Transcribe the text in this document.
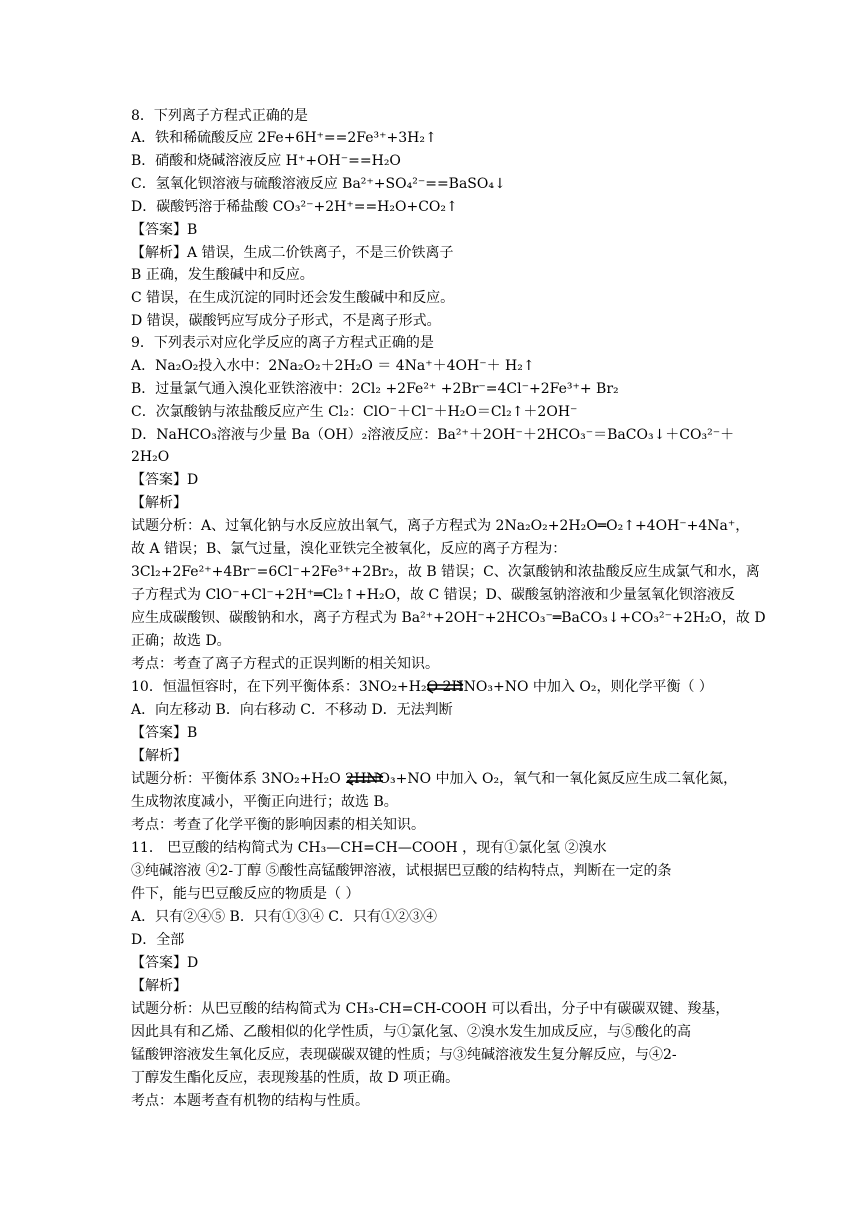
8．下列离子方程式正确的是
A．铁和稀硫酸反应 2Fe+6H⁺==2Fe³⁺+3H₂↑
B．硝酸和烧碱溶液反应 H⁺+OH⁻==H₂O
C．氢氧化钡溶液与硫酸溶液反应 Ba²⁺+SO₄²⁻==BaSO₄↓
D．碳酸钙溶于稀盐酸 CO₃²⁻+2H⁺==H₂O+CO₂↑
【答案】B
【解析】A 错误，生成二价铁离子，不是三价铁离子
B 正确，发生酸碱中和反应。
C 错误，在生成沉淀的同时还会发生酸碱中和反应。
D 错误，碳酸钙应写成分子形式，不是离子形式。
9．下列表示对应化学反应的离子方程式正确的是
A．Na₂O₂投入水中：2Na₂O₂＋2H₂O ＝ 4Na⁺＋4OH⁻＋ H₂↑
B．过量氯气通入溴化亚铁溶液中：2Cl₂ +2Fe²⁺ +2Br⁻=4Cl⁻+2Fe³⁺+ Br₂
C．次氯酸钠与浓盐酸反应产生 Cl₂：ClO⁻＋Cl⁻＋H₂O＝Cl₂↑＋2OH⁻
D．NaHCO₃溶液与少量 Ba（OH）₂溶液反应：Ba²⁺＋2OH⁻＋2HCO₃⁻＝BaCO₃↓＋CO₃²⁻＋
2H₂O
【答案】D
【解析】
试题分析：A、过氧化钠与水反应放出氧气，离子方程式为 2Na₂O₂+2H₂O═O₂↑+4OH⁻+4Na⁺，
故 A 错误；B、氯气过量，溴化亚铁完全被氧化，反应的离子方程为：
3Cl₂+2Fe²⁺+4Br⁻=6Cl⁻+2Fe³⁺+2Br₂，故 B 错误；C、次氯酸钠和浓盐酸反应生成氯气和水，离
子方程式为 ClO⁻+Cl⁻+2H⁺═Cl₂↑+H₂O，故 C 错误；D、碳酸氢钠溶液和少量氢氧化钡溶液反
应生成碳酸钡、碳酸钠和水，离子方程式为 Ba²⁺+2OH⁻+2HCO₃⁻═BaCO₃↓+CO₃²⁻+2H₂O，故 D
正确；故选 D。
考点：考查了离子方程式的正误判断的相关知识。
10．恒温恒容时，在下列平衡体系：3NO₂+H₂O 2HNO₃+NO 中加入 O₂，则化学平衡（ ）
A．向左移动 B．向右移动 C．不移动 D．无法判断
【答案】B
【解析】
试题分析：平衡体系 3NO₂+H₂O 2HNO₃+NO 中加入 O₂，氧气和一氧化氮反应生成二氧化氮，
生成物浓度减小，平衡正向进行；故选 B。
考点：考查了化学平衡的影响因素的相关知识。
11． 巴豆酸的结构简式为 CH₃—CH=CH—COOH ，现有①氯化氢 ②溴水
③纯碱溶液 ④2-丁醇 ⑤酸性高锰酸钾溶液，试根据巴豆酸的结构特点，判断在一定的条
件下，能与巴豆酸反应的物质是（ ）
A．只有②④⑤ B．只有①③④ C．只有①②③④
D．全部
【答案】D
【解析】
试题分析：从巴豆酸的结构简式为 CH₃-CH=CH-COOH 可以看出，分子中有碳碳双键、羧基，
因此具有和乙烯、乙酸相似的化学性质，与①氯化氢、②溴水发生加成反应，与⑤酸化的高
锰酸钾溶液发生氧化反应，表现碳碳双键的性质；与③纯碱溶液发生复分解反应，与④2-
丁醇发生酯化反应，表现羧基的性质，故 D 项正确。
考点：本题考查有机物的结构与性质。
